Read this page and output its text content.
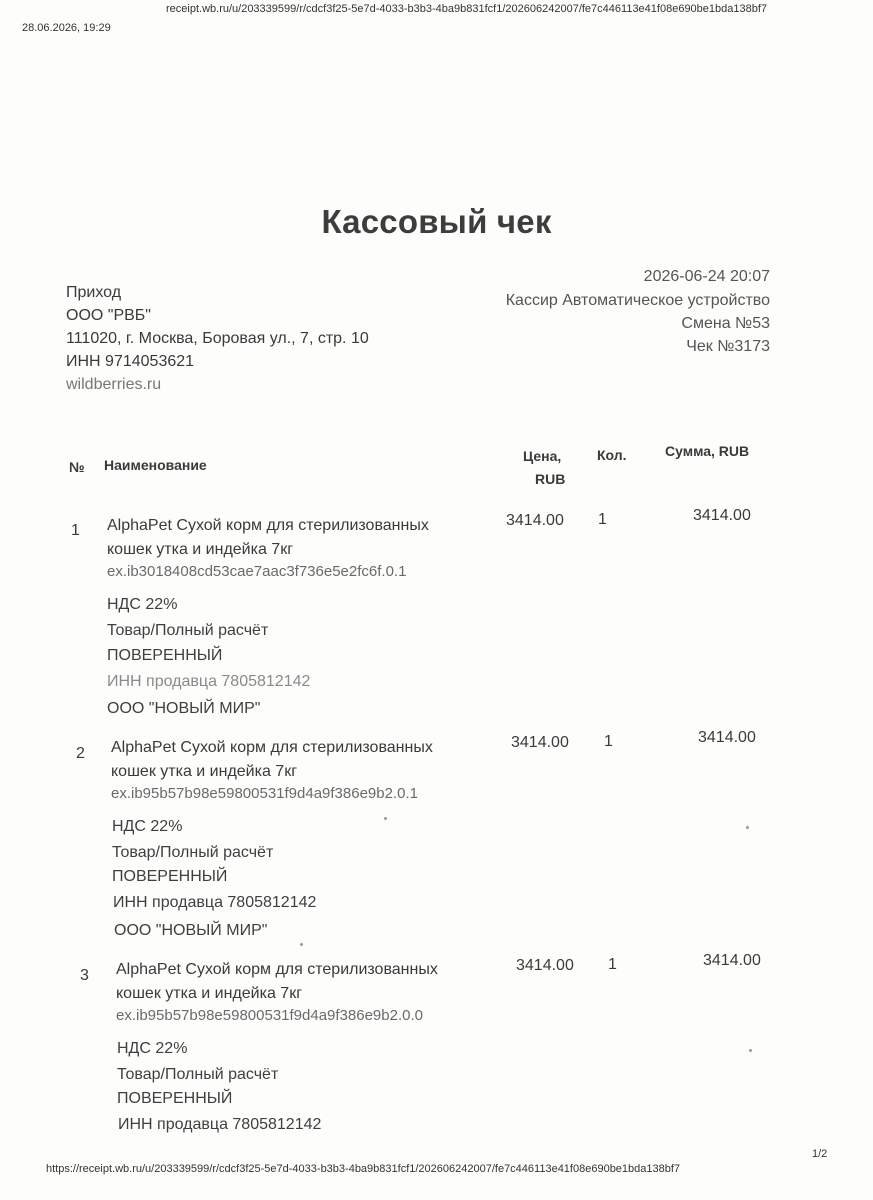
28.06.2026, 19:29
receipt.wb.ru/u/203339599/r/cdcf3f25-5e7d-4033-b3b3-4ba9b831fcf1/202606242007/fe7c446113e41f08e690be1bda138bf7
Кассовый чек
Приход
ООО "РВБ"
111020, г. Москва, Боровая ул., 7, стр. 10
ИНН 9714053621
wildberries.ru
2026-06-24 20:07
Кассир Автоматическое устройство
Смена №53
Чек №3173
№ Наименование
Цена,
RUB
Кол.	Сумма, RUB
1 AlphaPet Сухой корм для стерилизованных
кошек утка и индейка 7кг
ex.ib3018408cd53cae7aac3f736e5e2fc6f.0.1
НДС 22%
Товар/Полный расчёт
ПОВЕРЕННЫЙ
ИНН продавца 7805812142
ООО "НОВЫЙ МИР"
3414.00 1	3414.00
2 AlphaPet Сухой корм для стерилизованных
кошек утка и индейка 7кг
ex.ib95b57b98e59800531f9d4a9f386e9b2.0.1
НДС 22%
Товар/Полный расчёт
ПОВЕРЕННЫЙ
ИНН продавца 7805812142
ООО "НОВЫЙ МИР"
3414.00 1	3414.00
3 AlphaPet Сухой корм для стерилизованных
кошек утка и индейка 7кг
ex.ib95b57b98e59800531f9d4a9f386e9b2.0.0
НДС 22%
Товар/Полный расчёт
ПОВЕРЕННЫЙ
ИНН продавца 7805812142
3414.00 1	3414.00
https://receipt.wb.ru/u/203339599/r/cdcf3f25-5e7d-4033-b3b3-4ba9b831fcf1/202606242007/fe7c446113e41f08e690be1bda138bf7
1/2
